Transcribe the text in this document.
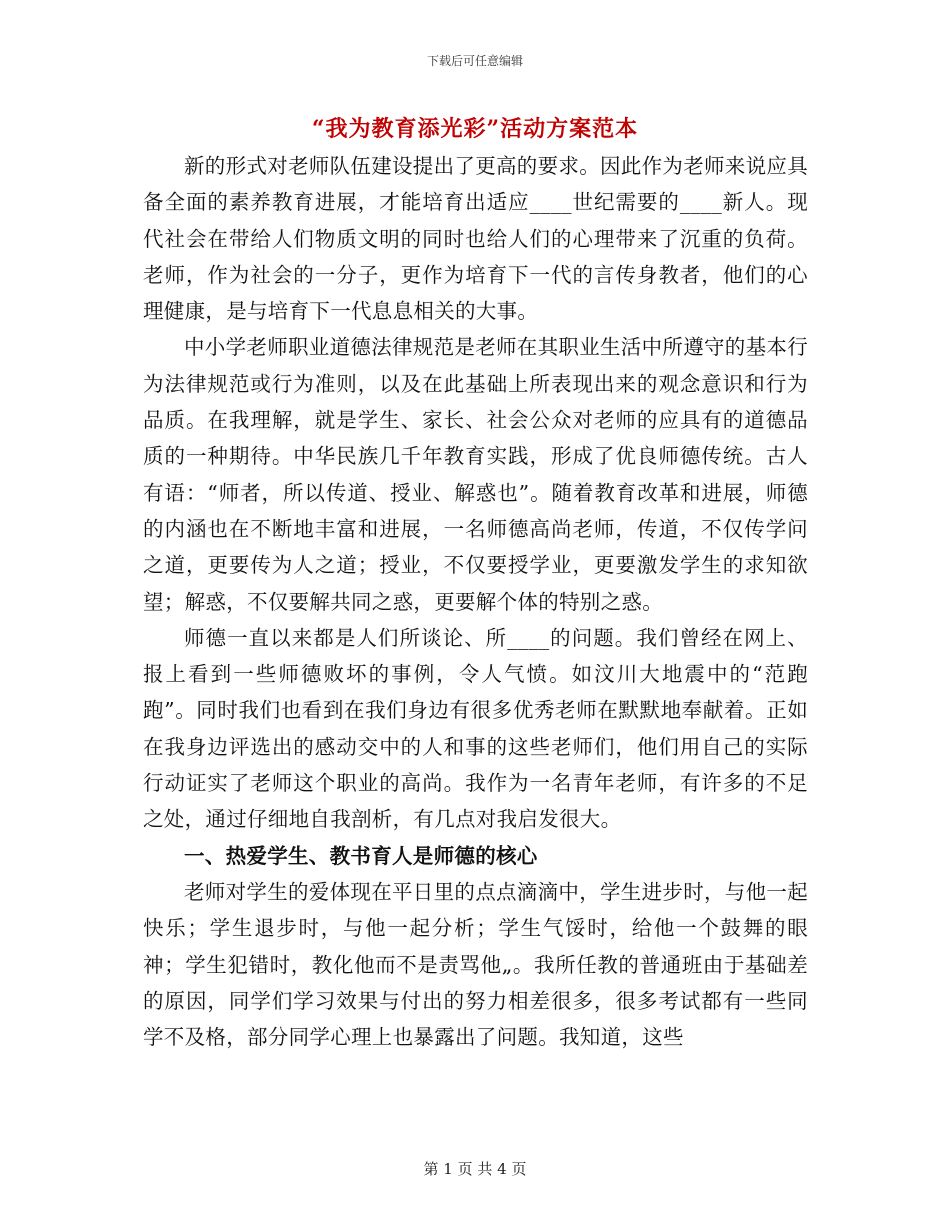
下载后可任意编辑
“我为教育添光彩”活动方案范本

新的形式对老师队伍建设提出了更高的要求。因此作为老师来说应具备全面的素养教育进展，才能培育出适应____世纪需要的____新人。现代社会在带给人们物质文明的同时也给人们的心理带来了沉重的负荷。老师，作为社会的一分子，更作为培育下一代的言传身教者，他们的心理健康，是与培育下一代息息相关的大事。

中小学老师职业道德法律规范是老师在其职业生活中所遵守的基本行为法律规范或行为准则，以及在此基础上所表现出来的观念意识和行为品质。在我理解，就是学生、家长、社会公众对老师的应具有的道德品质的一种期待。中华民族几千年教育实践，形成了优良师德传统。古人有语：“师者，所以传道、授业、解惑也”。随着教育改革和进展，师德的内涵也在不断地丰富和进展，一名师德高尚老师，传道，不仅传学问之道，更要传为人之道；授业，不仅要授学业，更要激发学生的求知欲望；解惑，不仅要解共同之惑，更要解个体的特别之惑。

师德一直以来都是人们所谈论、所____的问题。我们曾经在网上、报上看到一些师德败坏的事例，令人气愤。如汶川大地震中的“范跑跑”。同时我们也看到在我们身边有很多优秀老师在默默地奉献着。正如在我身边评选出的感动交中的人和事的这些老师们，他们用自己的实际行动证实了老师这个职业的高尚。我作为一名青年老师，有许多的不足之处，通过仔细地自我剖析，有几点对我启发很大。

一、热爱学生、教书育人是师德的核心

老师对学生的爱体现在平日里的点点滴滴中，学生进步时，与他一起快乐；学生退步时，与他一起分析；学生气馁时，给他一个鼓舞的眼神；学生犯错时，教化他而不是责骂他„。我所任教的普通班由于基础差的原因，同学们学习效果与付出的努力相差很多，很多考试都有一些同学不及格，部分同学心理上也暴露出了问题。我知道，这些

第 1 页 共 4 页
